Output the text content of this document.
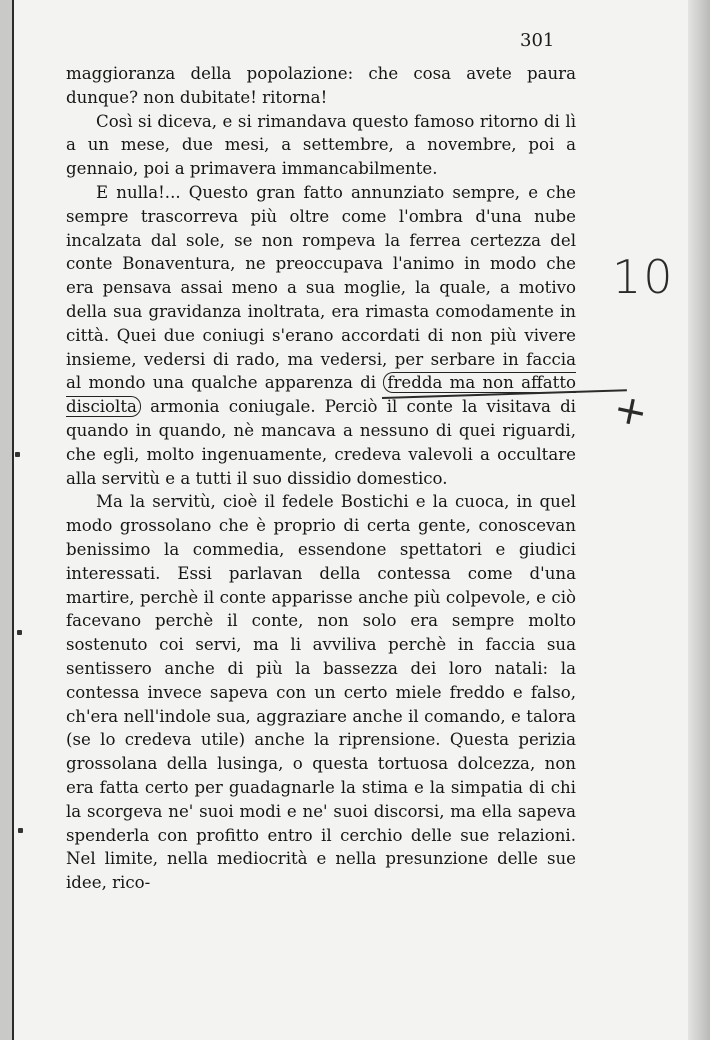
301

maggioranza della popolazione: che cosa avete paura dunque? non dubitate! ritorna!

Così si diceva, e si rimandava questo famoso ritorno di lì a un mese, due mesi, a settembre, a novembre, poi a gennaio, poi a primavera immancabilmente.

E nulla!... Questo gran fatto annunziato sempre, e che sempre trascorreva più oltre come l'ombra d'una nube incalzata dal sole, se non rompeva la ferrea certezza del conte Bonaventura, ne preoccupava l'animo in modo che era pensava assai meno a sua moglie, la quale, a motivo della sua gravidanza inoltrata, era rimasta comodamente in città. Quei due coniugi s'erano accordati di non più vivere insieme, vedersi di rado, ma vedersi, per serbare in faccia al mondo una qualche apparenza di fredda ma non affatto disciolta armonia coniugale. Perciò il conte la visitava di quando in quando, nè mancava a nessuno di quei riguardi, che egli, molto ingenuamente, credeva valevoli a occultare alla servitù e a tutti il suo dissidio domestico.

Ma la servitù, cioè il fedele Bostichi e la cuoca, in quel modo grossolano che è proprio di certa gente, conoscevan benissimo la commedia, essendone spettatori e giudici interessati. Essi parlavan della contessa come d'una martire, perchè il conte apparisse anche più colpevole, e ciò facevano perchè il conte, non solo era sempre molto sostenuto coi servi, ma li avviliva perchè in faccia sua sentissero anche di più la bassezza dei loro natali: la contessa invece sapeva con un certo miele freddo e falso, ch'era nell'indole sua, aggraziare anche il comando, e talora (se lo credeva utile) anche la riprensione. Questa perizia grossolana della lusinga, o questa tortuosa dolcezza, non era fatta certo per guadagnarle la stima e la simpatia di chi la scorgeva ne' suoi modi e ne' suoi discorsi, ma ella sapeva spenderla con profitto entro il cerchio delle sue relazioni. Nel limite, nella mediocrità e nella presunzione delle sue idee, rico-

10
+
